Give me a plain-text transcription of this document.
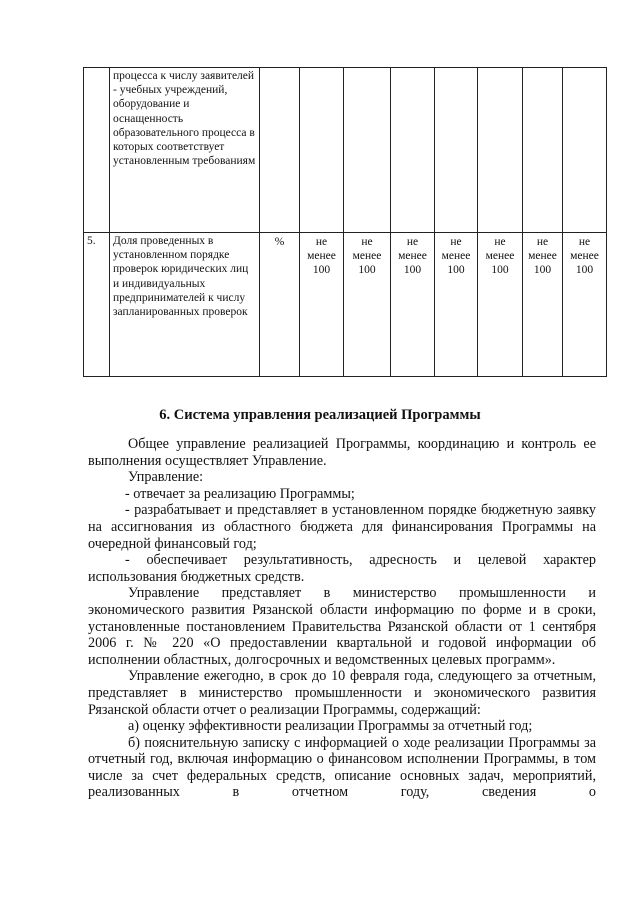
	процесса к числу заявителей - учебных учреждений, оборудование и оснащенность образовательного процесса в которых соответствует установленным требованиям								
5.	Доля проведенных в установленном порядке проверок юридических лиц и индивидуальных предпринимателей к числу запланированных проверок	%	не менее 100	не менее 100	не менее 100	не менее 100	не менее 100	не менее 100	не менее 100
6. Система управления реализацией Программы

Общее управление реализацией Программы, координацию и контроль ее выполнения осуществляет Управление.

Управление:

- отвечает за реализацию Программы;

- разрабатывает и представляет в установленном порядке бюджетную заявку на ассигнования из областного бюджета для финансирования Программы на очередной финансовый год;

- обеспечивает результативность, адресность и целевой характер использования бюджетных средств.

Управление представляет в министерство промышленности и экономического развития Рязанской области информацию по форме и в сроки, установленные постановлением Правительства Рязанской области от 1 сентября 2006 г. № 220 «О предоставлении квартальной и годовой информации об исполнении областных, долгосрочных и ведомственных целевых программ».

Управление ежегодно, в срок до 10 февраля года, следующего за отчетным, представляет в министерство промышленности и экономического развития Рязанской области отчет о реализации Программы, содержащий:

а) оценку эффективности реализации Программы за отчетный год;

б) пояснительную записку с информацией о ходе реализации Программы за отчетный год, включая информацию о финансовом исполнении Программы, в том числе за счет федеральных средств, описание основных задач, мероприятий, реализованных в отчетном году, сведения о
